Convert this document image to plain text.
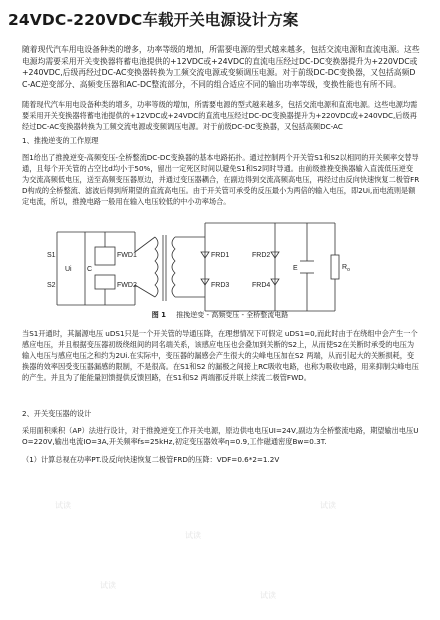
24VDC-220VDC车载开关电源设计方案
随着现代汽车用电设备种类的增多，功率等级的增加，所需要电源的型式越来越多，包括交流电源和直流电源。这些电源均需要采用开关变换器将蓄电池提供的+12VDC或+24VDC的直流电压经过DC-DC变换器提升为+220VDC或+240VDC,后级再经过DC-AC变换器转换为工频交流电源或变频调压电源。对于前级DC-DC变换器，又包括高频DC-AC逆变部分、高频变压器和AC-DC整流部分，不同的组合适应不同的输出功率等级，变换性能也有所不同。
随着现代汽车用电设备种类的增多，功率等级的增加，所需要电源的型式越来越多，包括交流电源和直流电源。这些电源均需要采用开关变换器将蓄电池提供的+12VDC或+24VDC的直流电压经过DC-DC变换器提升为+220VDC或+240VDC,后级再经过DC-AC变换器转换为工频交流电源或变频调压电源。对于前级DC-DC变换器，又包括高频DC-AC
1、推挽逆变的工作原理
图1给出了推挽逆变-高频变压-全桥整流DC-DC变换器的基本电路拓扑。通过控制两个开关管S1和S2以相同的开关频率交替导通，且每个开关管的占空比d均小于50%，留出一定死区时间以避免S1和S2同时导通。由前级推挽变换器输入直流低压逆变为交流高频低电压，送至高频变压器原边，并通过变压器耦合，在副边得到交流高频高电压，再经过由反向快速恢复二极管FRD构成的全桥整流、滤波后得到所期望的直流高电压。由于开关管可承受的反压最小为两倍的输入电压，即2Ui,而电流则是额定电流，所以，推挽电路一般用在输入电压较低的中小功率场合。
S1
S2
FWD1
FWD2
Ui C
FRD1
FRD3
FRD2
FRD4
E	$R_o$
图 1 推挽逆变 - 高频变压 - 全桥整流电路
当S1开通时，其漏源电压 uDS1只是一个开关管的导通压降，在理想情况下可假定 uDS1=0,而此时由于在绕组中会产生一个感应电压，并且根据变压器初级绕组间的同名端关系，该感应电压也会叠加到关断的S2上，从而使S2在关断时承受的电压为输入电压与感应电压之和约为2Ui.在实际中，变压器的漏感会产生很大的尖峰电压加在S2 两端，从而引起大的关断损耗，变换器的效率因受变压器漏感的限制，不是很高。在S1和S2 的漏极之间接上RC吸收电路，也称为吸收电路，用来抑制尖峰电压的产生。并且为了能能量回馈提供反馈回路，在S1和S2 两端都反并联上续流二极管FWD。
2、开关变压器的设计
采用面积乘积（AP）法进行设计，对于推挽逆变工作开关电源，原边供电电压UI=24V,副边为全桥整流电路，期望输出电压UO=220V,输出电流IO=3A,开关频率fs=25kHz,初定变压器效率η=0.9,工作磁通密度Bw=0.3T.
（1）计算总视在功率PT.设反向快速恢复二极管FRD的压降：VDF=0.6*2=1.2V
试读
试读
试读
试读
试读
